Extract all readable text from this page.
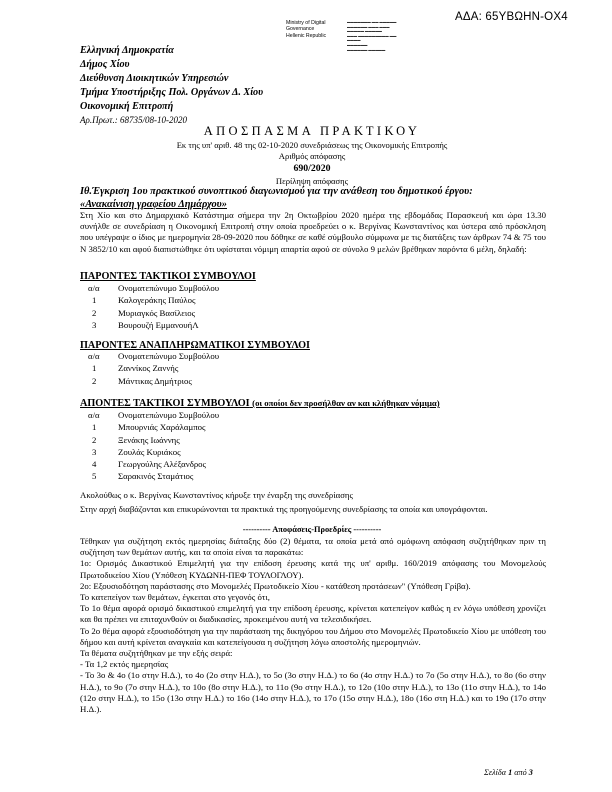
ΑΔΑ: 65ΥΒΩΗΝ-ΟΧ4
Ministry of Digital
Governance
Hellenic Republic
▬▬▬▬▬▬▬ ▬▬ ▬▬▬▬▬
▬▬▬▬▬▬ ▬▬▬ ▬▬▬
▬▬▬▬▬ ▬▬▬▬▬
▬▬▬ ▬▬▬▬▬▬▬▬▬ ▬▬
▬▬▬▬
▬▬▬▬▬▬
▬▬▬▬▬▬ ▬▬▬▬▬
Ελληνική Δημοκρατία
Δήμος Χίου
Διεύθυνση Διοικητικών Υπηρεσιών
Τμήμα Υποστήριξης Πολ. Οργάνων Δ. Χίου
Οικονομική Επιτροπή
Αρ.Πρωτ.: 68735/08-10-2020
ΑΠΟΣΠΑΣΜΑ ΠΡΑΚΤΙΚΟΥ
Εκ της υπ' αριθ. 48 της 02-10-2020 συνεδριάσεως της Οικονομικής Επιτροπής
Αριθμός απόφασης
690/2020
Περίληψη απόφασης
Ιθ.Έγκριση 1ου πρακτικού συνοπτικού διαγωνισμού για την ανάθεση του δημοτικού έργου:
«Ανακαίνιση γραφείου Δημάρχου»

Στη Χίο και στο Δημαρχιακό Κατάστημα σήμερα την 2η Οκτωβρίου 2020 ημέρα της εβδομάδας Παρασκευή και ώρα 13.30 συνήλθε σε συνεδρίαση η Οικονομική Επιτροπή στην οποία πρoεδρεύει ο κ. Βεργίνας Κωνσταντίνος και ύστερα από πρόσκληση που υπέγραψε ο ίδιος με ημερομηνία 28-09-2020 που δόθηκε σε καθέ σύμβουλο σύμφωνα με τις διατάξεις των άρθρων 74 & 75 του Ν 3852/10 και αφού διαπιστώθηκε ότι υφίσταται νόμιμη απαρτία αφού σε σύνολο 9 μελών βρέθηκαν παρόντα 6 μέλη, δηλαδή:

ΠΑΡΟΝΤΕΣ ΤΑΚΤΙΚΟΙ ΣΥΜΒΟΥΛΟΙ
α/α	Ονοματεπώνυμο Συμβούλου
1	Καλογεράκης Παύλος
2	Μυριαγκός Βασίλειος
3	Βουρουζή ΕμμανουήΛ
ΠΑΡΟΝΤΕΣ ΑΝΑΠΛΗΡΩΜΑΤΙΚΟΙ ΣΥΜΒΟΥΛΟΙ
α/α	Ονοματεπώνυμο Συμβούλου
1	Ζαννίκος Ζαννής
2	Μάντικας Δημήτριος
ΑΠΟΝΤΕΣ ΤΑΚΤΙΚΟΙ ΣΥΜΒΟΥΛΟΙ (οι οποίοι δεν προσήλθαν αν και κλήθηκαν νόμιμα)
α/α	Ονοματεπώνυμο Συμβούλου
1	Μπουρνιάς Χαράλαμπος
2	Ξενάκης Ιωάννης
3	Ζουλάς Κυριάκος
4	Γεωργούλης Αλέξανδρος
5	Σαρακινός Σταμάτιος

Ακολούθως ο κ. Βεργίνας Κωνσταντίνος κήρυξε την έναρξη της συνεδρίασης

Στην αρχή διαβάζονται και επικυρώνονται τα πρακτικά της προηγούμενης συνεδρίασης τα οποία και υπογράφονται.

---------- Αποφάσεις-Προεδρίες ----------

Τέθηκαν για συζήτηση εκτός ημερησίας διάταξης δύο (2) θέματα, τα οποία μετά από ομόφωνη απόφαση συζητήθηκαν πριν τη συζήτηση των θεμάτων αυτής, και τα οποία είναι τα παρακάτω:

1ο: Ορισμός Δικαστικού Επιμελητή για την επίδοση έρευσης κατά της υπ' αριθμ. 160/2019 απόφασης του Μονομελούς Πρωτοδικείου Χίου (Υπόθεση ΚΥΔΩΝΗ-ΠΕΦ ΤΟΥΛΟΓΛΟΥ).

2ο: Εξουσιοδότηση παράστασης στο Μονομελές Πρωτοδικείο Χίου - κατάθεση προτάσεων" (Υπόθεση Γρίβα).

Το κατεπείγον των θεμάτων, έγκειται στο γεγονός ότι,

Το 1ο θέμα αφορά ορισμό δικαστικού επιμελητή για την επίδοση έρευσης, κρίνεται κατεπείγον καθώς η εν λόγω υπόθεση χρονίζει και θα πρέπει να επιταχυνθούν οι διαδικασίες, προκειμένου αυτή να τελεσιδικήσει.

Το 2ο θέμα αφορά εξουσιοδότηση για την παράσταση της δικηγόρου του Δήμου στο Μονομελές Πρωτοδικείο Χίου με υπόθεση του δήμου και αυτή κρίνεται αναγκαία και κατεπείγουσα η συζήτηση λόγω αποστολής ημερομηνιών.

Τα θέματα συζητήθηκαν με την εξής σειρά:

- Τα 1,2 εκτός ημερησίας

- Το 3ο & 4ο (1ο στην Η.Δ.), το 4ο (2ο στην Η.Δ.), το 5ο (3ο στην Η.Δ.) το 6ο (4ο στην Η.Δ.) το 7ο (5ο στην Η.Δ.), το 8ο (6ο στην Η.Δ.), το 9ο (7ο στην Η.Δ.), το 10ο (8ο στην Η.Δ.), το 11ο (9ο στην Η.Δ.), το 12ο (10ο στην Η.Δ.), το 13ο (11ο στην Η.Δ.), το 14ο (12ο στην Η.Δ.), το 15ο (13ο στην Η.Δ.) το 16ο (14ο στην Η.Δ.), το 17ο (15ο στην Η.Δ.), 18ο (16ο στη Η.Δ.) και το 19ο (17ο στην Η.Δ.).

Σελίδα 1 από 3
